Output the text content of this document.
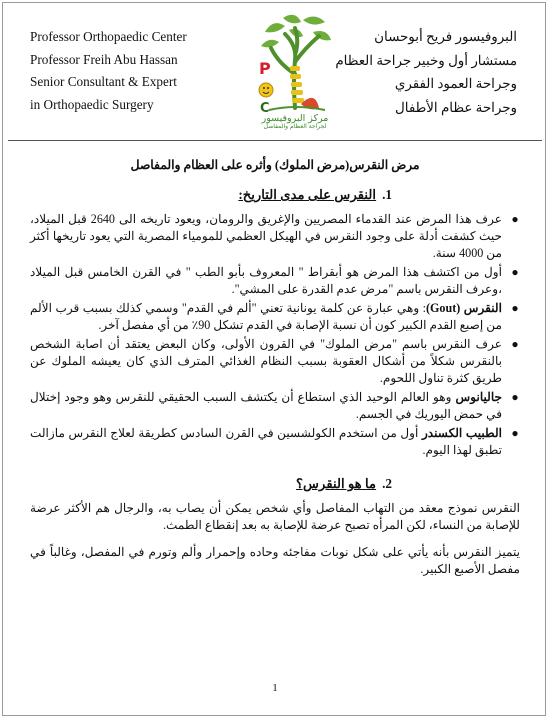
Professor Orthopaedic Center
Professor Freih Abu Hassan
Senior Consultant & Expert
in Orthopaedic Surgery
P
C
مركز البروفيسور
لجراحة العظام والمفاصل
البروفيسور فريح أبوحسان
مستشار أول وخبير جراحة العظام
وجراحة العمود الفقري
وجراحة عظام الأطفال
مرض النقرس(مرض الملوك) وأثره على العظام والمفاصل
1.النقرس على مدى التاريخ:
●
عرف هذا المرض عند القدماء المصريين والإغريق والرومان، ويعود تاريخه الى 2640 قبل الميلاد، حيث كشفت أدلة على وجود النقرس في الهيكل العظمي للمومياء المصرية التي يعود تاريخها أكثر من 4000 سنة.
●
أول من اكتشف هذا المرض هو أبقراط " المعروف بأبو الطب " في القرن الخامس قبل الميلاد ،وعرف النقرس باسم "مرض عدم القدرة على المشي".
●
النقرس (Gout): وهي عبارة عن كلمة يونانية تعني "ألم في القدم" وسمي كذلك بسبب قرب الألم من إصبع القدم الكبير كون أن نسبة الإصابة في القدم تشكل 90٪ من أي مفصل آخر.
●
عرف النقرس باسم "مرض الملوك" في القرون الأولى، وكان البعض يعتقد أن اصابة الشخص بالنقرس شكلاً من أشكال العقوبة بسبب النظام الغذائي المترف الذي كان يعيشه الملوك عن طريق كثرة تناول اللحوم.
●
جاليانوس وهو العالم الوحيد الذي استطاع أن يكتشف السبب الحقيقي للنقرس وهو وجود إختلال في حمض اليوريك في الجسم.
●
الطبيب الكسندر أول من استخدم الكولشسين في القرن السادس كطريقة لعلاج النقرس مازالت تطبق لهذا اليوم.
2.ما هو النقرس؟

النقرس نموذج معقد من التهاب المفاصل وأي شخص يمكن أن يصاب به، والرجال هم الأكثر عرضة للإصابة من النساء، لكن المرأه تصبح عرضة للإصابة به بعد إنقطاع الطمث.

يتميز النقرس بأنه يأتي على شكل نوبات مفاجئه وحاده وإحمرار وألم وتورم في المفصل، وغالباً في مفصل الأصبع الكبير.

1
